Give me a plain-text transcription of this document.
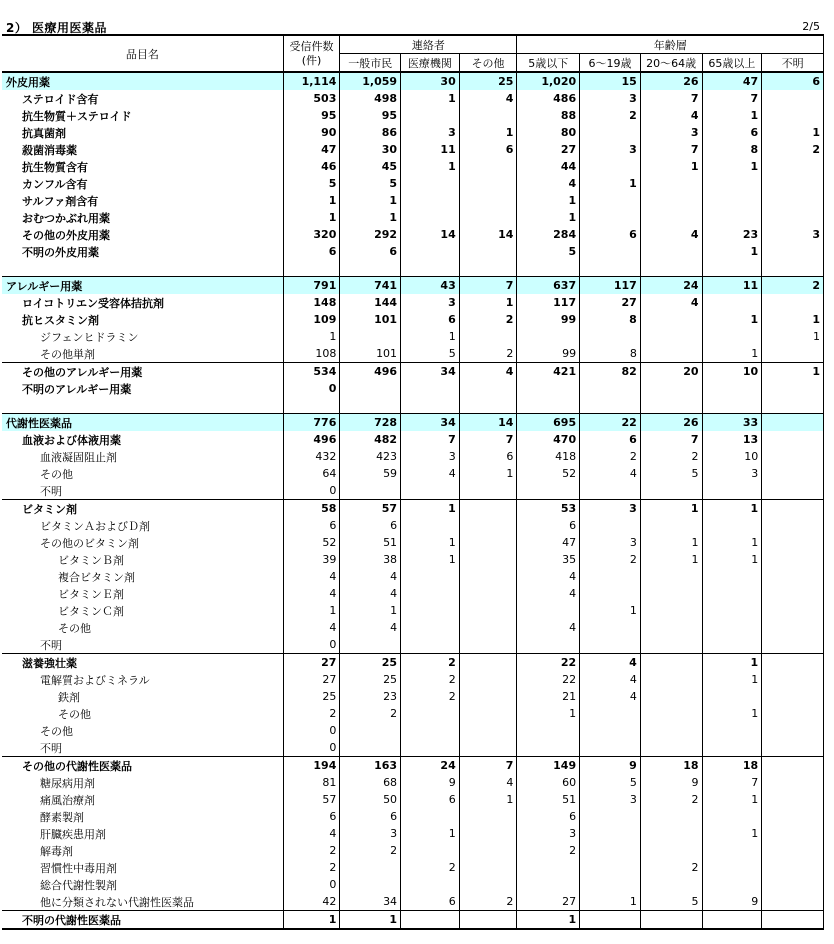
2） 医療用医薬品	2/5
品目名	受信件数
(件)	連絡者			年齢層				
		一般市民	医療機関	その他	5歳以下	6～19歳	20～64歳	65歳以上	不明
外皮用薬	1,114	1,059	30	25	1,020	15	26	47	6
ステロイド含有	503	498	1	4	486	3	7	7	
抗生物質＋ステロイド	95	95			88	2	4	1	
抗真菌剤	90	86	3	1	80		3	6	1
殺菌消毒薬	47	30	11	6	27	3	7	8	2
抗生物質含有	46	45	1		44		1	1	
カンフル含有	5	5			4	1			
サルファ剤含有	1	1			1				
おむつかぶれ用薬	1	1			1				
その他の外皮用薬	320	292	14	14	284	6	4	23	3
不明の外皮用薬	6	6			5			1	

アレルギー用薬	791	741	43	7	637	117	24	11	2
ロイコトリエン受容体拮抗剤	148	144	3	1	117	27	4		
抗ヒスタミン剤	109	101	6	2	99	8		1	1
ジフェンヒドラミン	1		1						1
その他単剤	108	101	5	2	99	8		1	
その他のアレルギー用薬	534	496	34	4	421	82	20	10	1
不明のアレルギー用薬	0								

代謝性医薬品	776	728	34	14	695	22	26	33	
血液および体液用薬	496	482	7	7	470	6	7	13	
血液凝固阻止剤	432	423	3	6	418	2	2	10	
その他	64	59	4	1	52	4	5	3	
不明	0								
ビタミン剤	58	57	1		53	3	1	1	
ビタミンＡおよびＤ剤	6	6			6				
その他のビタミン剤	52	51	1		47	3	1	1	
ビタミンＢ剤	39	38	1		35	2	1	1	
複合ビタミン剤	4	4			4				
ビタミンＥ剤	4	4			4				
ビタミンＣ剤	1	1				1			
その他	4	4			4				
不明	0								
滋養強壮薬	27	25	2		22	4		1	
電解質およびミネラル	27	25	2		22	4		1	
鉄剤	25	23	2		21	4			
その他	2	2			1			1	
その他	0								
不明	0								
その他の代謝性医薬品	194	163	24	7	149	9	18	18	
糖尿病用剤	81	68	9	4	60	5	9	7	
痛風治療剤	57	50	6	1	51	3	2	1	
酵素製剤	6	6			6				
肝臓疾患用剤	4	3	1		3			1	
解毒剤	2	2			2				
習慣性中毒用剤	2		2				2		
総合代謝性製剤	0								
他に分類されない代謝性医薬品	42	34	6	2	27	1	5	9	
不明の代謝性医薬品	1	1			1				
